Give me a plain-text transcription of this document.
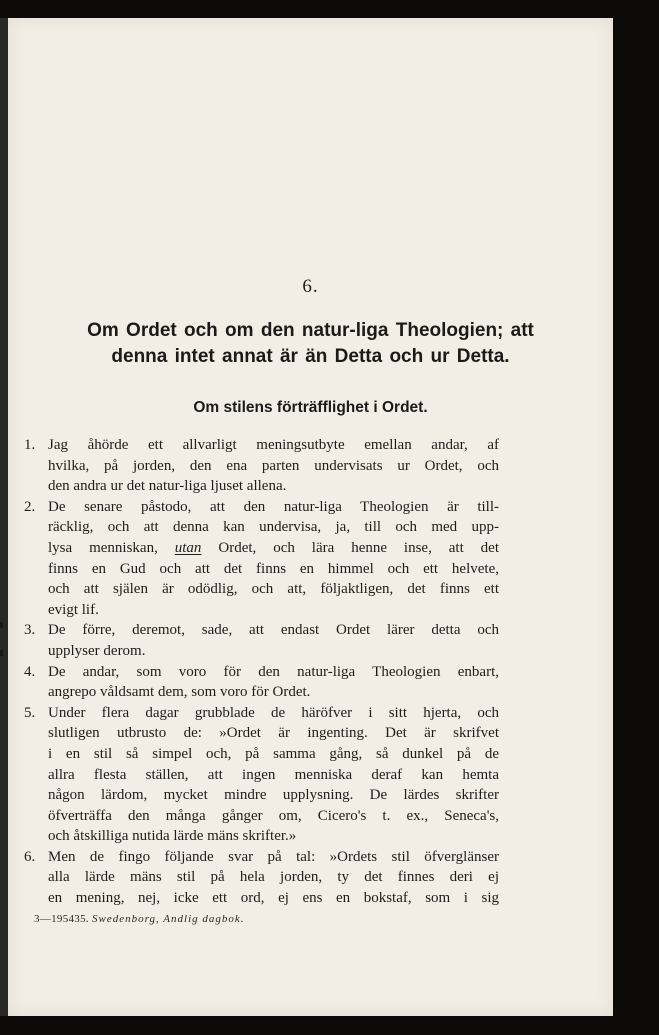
6.
Om Ordet och om den natur-liga Theologien; att
denna intet annat är än Detta och ur Detta.
Om stilens förträfflighet i Ordet.
1. Jag åhörde ett allvarligt meningsutbyte emellan andar, af
hvilka, på jorden, den ena parten undervisats ur Ordet, och
den andra ur det natur-liga ljuset allena.
2. De senare påstodo, att den natur-liga Theologien är till-
räcklig, och att denna kan undervisa, ja, till och med upp-
lysa menniskan, utan Ordet, och lära henne inse, att det
finns en Gud och att det finns en himmel och ett helvete,
och att själen är odödlig, och att, följaktligen, det finns ett
evigt lif.
3. De förre, deremot, sade, att endast Ordet lärer detta och
upplyser derom.
4. De andar, som voro för den natur-liga Theologien enbart,
angrepo våldsamt dem, som voro för Ordet.
5. Under flera dagar grubblade de häröfver i sitt hjerta, och
slutligen utbrusto de: »Ordet är ingenting. Det är skrifvet
i en stil så simpel och, på samma gång, så dunkel på de
allra flesta ställen, att ingen menniska deraf kan hemta
någon lärdom, mycket mindre upplysning. De lärdes skrifter
öfverträffa den många gånger om, Cicero's t. ex., Seneca's,
och åtskilliga nutida lärde mäns skrifter.»
6. Men de fingo följande svar på tal: »Ordets stil öfverglänser
alla lärde mäns stil på hela jorden, ty det finnes deri ej
en mening, nej, icke ett ord, ej ens en bokstaf, som i sig
3—195435. Swedenborg, Andlig dagbok.
